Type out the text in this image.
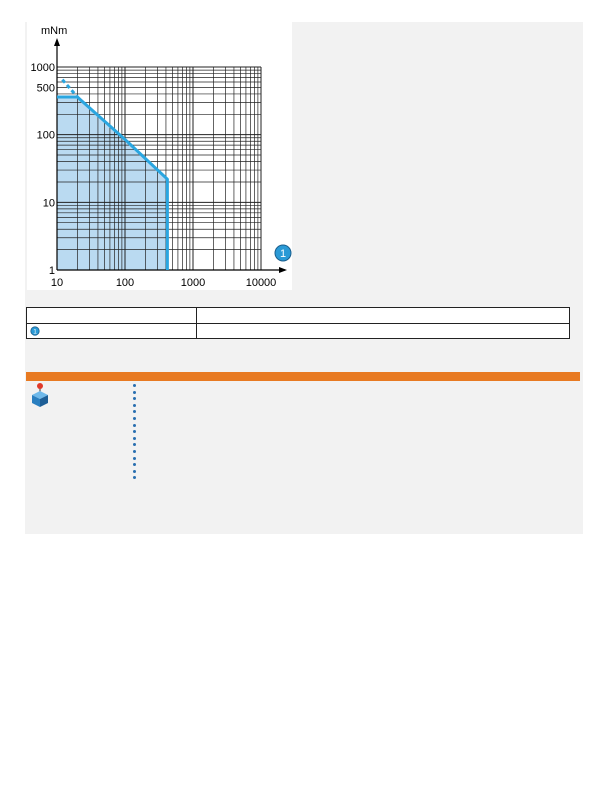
1
10
100
500
1000
10	100	1000	10000
mNm
1

1	
